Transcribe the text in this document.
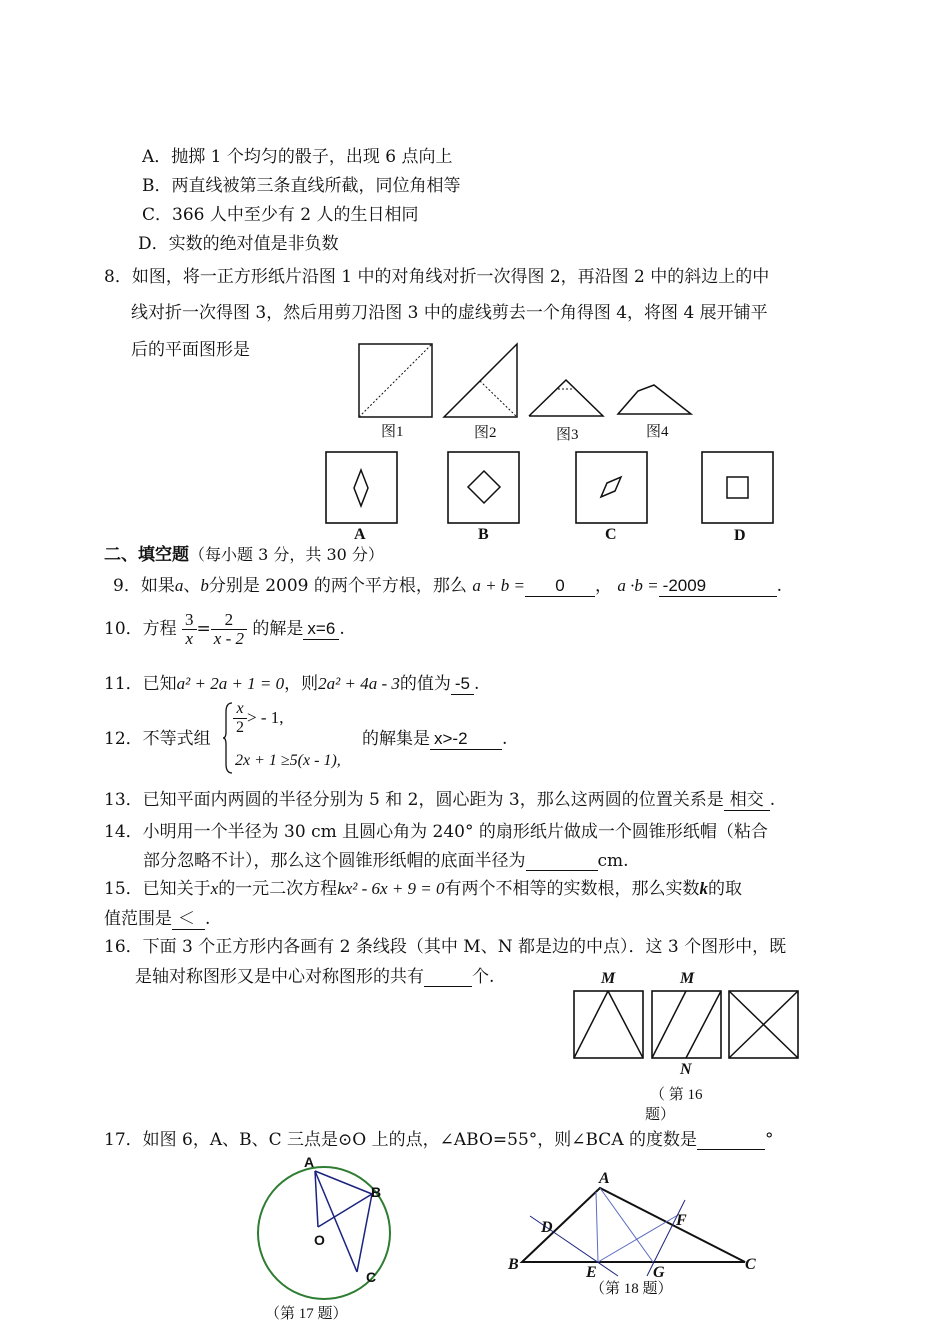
A．抛掷 1 个均匀的骰子，出现 6 点向上
B．两直线被第三条直线所截，同位角相等
C．366 人中至少有 2 人的生日相同
D．实数的绝对值是非负数
8．如图，将一正方形纸片沿图 1 中的对角线对折一次得图 2，再沿图 2 中的斜边上的中
线对折一次得图 3，然后用剪刀沿图 3 中的虚线剪去一个角得图 4，将图 4 展开铺平
后的平面图形是
图1	图2	图3	图4
A	B	C	D
二、填空题（每小题 3 分，共 30 分）
9．如果a、b分别是 2009 的两个平方根，那么 a + b = 0 ， a ·b = -2009	.
10．方程 $\frac{3}{x} = \frac{2}{x - 2}$ 的解是 x=6 .
11．已知a² + 2a + 1 = 0，则2a² + 4a - 3的值为 -5 .
12．不等式组
$\frac{x}{2}$ > - 1,
2x + 1 ≥5(x - 1),
的解集是 x>-2 .
13．已知平面内两圆的半径分别为 5 和 2，圆心距为 3，那么这两圆的位置关系是 相交 .
14．小明用一个半径为 30 cm 且圆心角为 240° 的扇形纸片做成一个圆锥形纸帽（粘合
部分忽略不计），那么这个圆锥形纸帽的底面半径为	cm.
15．已知关于x的一元二次方程kx² - 6x + 9 = 0有两个不相等的实数根，那么实数k的取
值范围是 ＜ .
16．下面 3 个正方形内各画有 2 条线段（其中 M、N 都是边的中点）．这 3 个图形中，既
是轴对称图形又是中心对称图形的共有	个.	M	M
N
（ 第 16
题）
17．如图 6，A、B、C 三点是⊙O 上的点，∠ABO=55°，则∠BCA 的度数是	°
A
B
O
C
（第 17 题）
A
D	F
B	E	G	C
（第 18 题）
